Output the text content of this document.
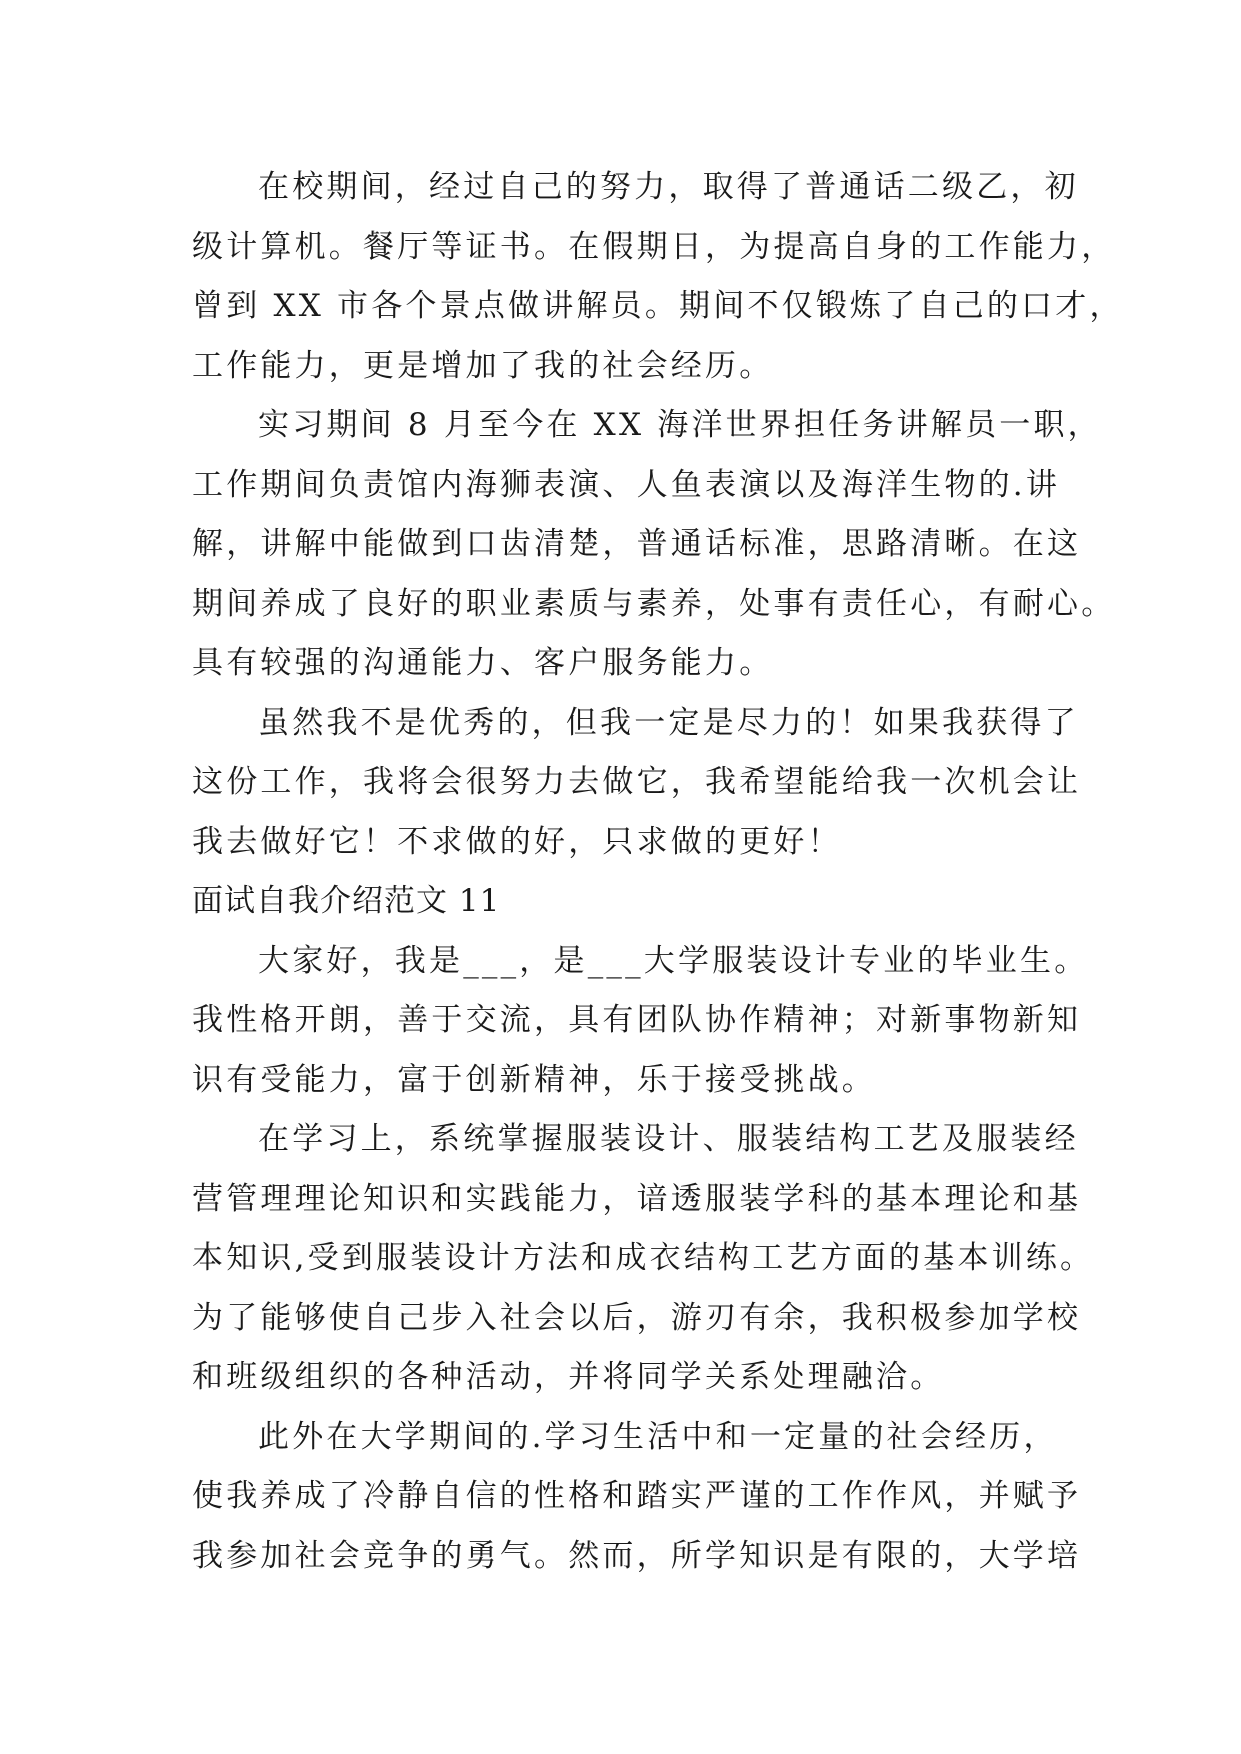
在校期间，经过自己的努力，取得了普通话二级乙，初
级计算机。餐厅等证书。在假期日，为提高自身的工作能力，
曾到 XX 市各个景点做讲解员。期间不仅锻炼了自己的口才，
工作能力，更是增加了我的社会经历。
实习期间 8 月至今在 XX 海洋世界担任务讲解员一职，
工作期间负责馆内海狮表演、人鱼表演以及海洋生物的.讲
解，讲解中能做到口齿清楚，普通话标准，思路清晰。在这
期间养成了良好的职业素质与素养，处事有责任心，有耐心。
具有较强的沟通能力、客户服务能力。
虽然我不是优秀的，但我一定是尽力的！如果我获得了
这份工作，我将会很努力去做它，我希望能给我一次机会让
我去做好它！不求做的好，只求做的更好！
面试自我介绍范文 11
大家好，我是___，是___大学服装设计专业的毕业生。
我性格开朗，善于交流，具有团队协作精神；对新事物新知
识有受能力，富于创新精神，乐于接受挑战。
在学习上，系统掌握服装设计、服装结构工艺及服装经
营管理理论知识和实践能力，谙透服装学科的基本理论和基
本知识,受到服装设计方法和成衣结构工艺方面的基本训练。
为了能够使自己步入社会以后，游刃有余，我积极参加学校
和班级组织的各种活动，并将同学关系处理融洽。
此外在大学期间的.学习生活中和一定量的社会经历，
使我养成了冷静自信的性格和踏实严谨的工作作风，并赋予
我参加社会竞争的勇气。然而，所学知识是有限的，大学培
